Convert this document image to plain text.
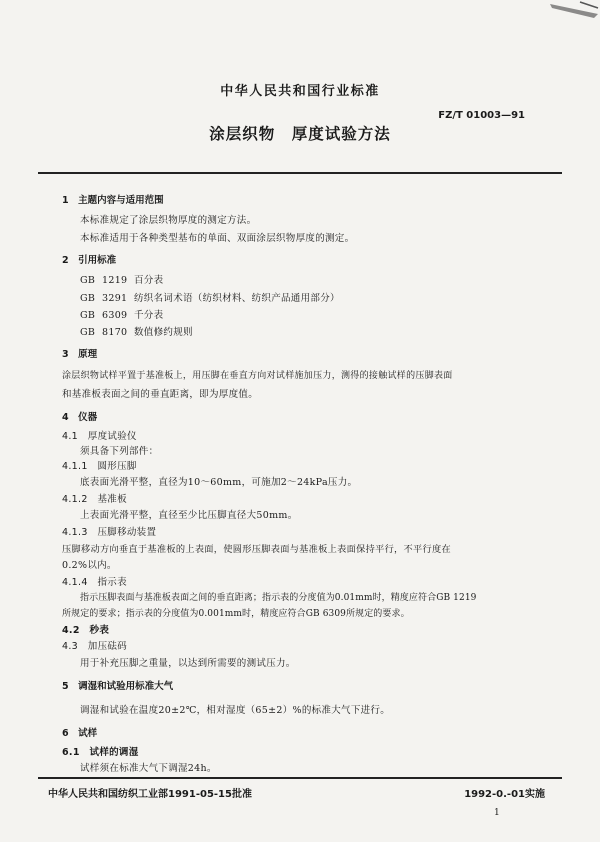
中华人民共和国行业标准
FZ/T 01003—91
涂层织物　厚度试验方法
1　主题内容与适用范围
本标准规定了涂层织物厚度的测定方法。
本标准适用于各种类型基布的单面、双面涂层织物厚度的测定。
2　引用标准
GB 1219 百分表
GB 3291 纺织名词术语（纺织材料、纺织产品通用部分）
GB 6309 千分表
GB 8170 数值修约规则
3　原理
涂层织物试样平置于基准板上，用压脚在垂直方向对试样施加压力，测得的接触试样的压脚表面
和基准板表面之间的垂直距离，即为厚度值。
4　仪器
4.1　厚度试验仪
须具备下列部件：
4.1.1　圆形压脚
底表面光滑平整，直径为10～60mm，可施加2～24kPa压力。
4.1.2　基准板
上表面光滑平整，直径至少比压脚直径大50mm。
4.1.3　压脚移动装置
压脚移动方向垂直于基准板的上表面，使圆形压脚表面与基准板上表面保持平行，不平行度在
0.2%以内。
4.1.4　指示表
指示压脚表面与基准板表面之间的垂直距离；指示表的分度值为0.01mm时，精度应符合GB 1219
所规定的要求；指示表的分度值为0.001mm时，精度应符合GB 6309所规定的要求。
4.2　秒表
4.3　加压砝码
用于补充压脚之重量，以达到所需要的测试压力。
5　调湿和试验用标准大气
调湿和试验在温度20±2℃，相对湿度（65±2）%的标准大气下进行。
6　试样
6.1　试样的调湿
试样须在标准大气下调湿24h。
中华人民共和国纺织工业部1991-05-15批准	1992-0.-01实施
1
